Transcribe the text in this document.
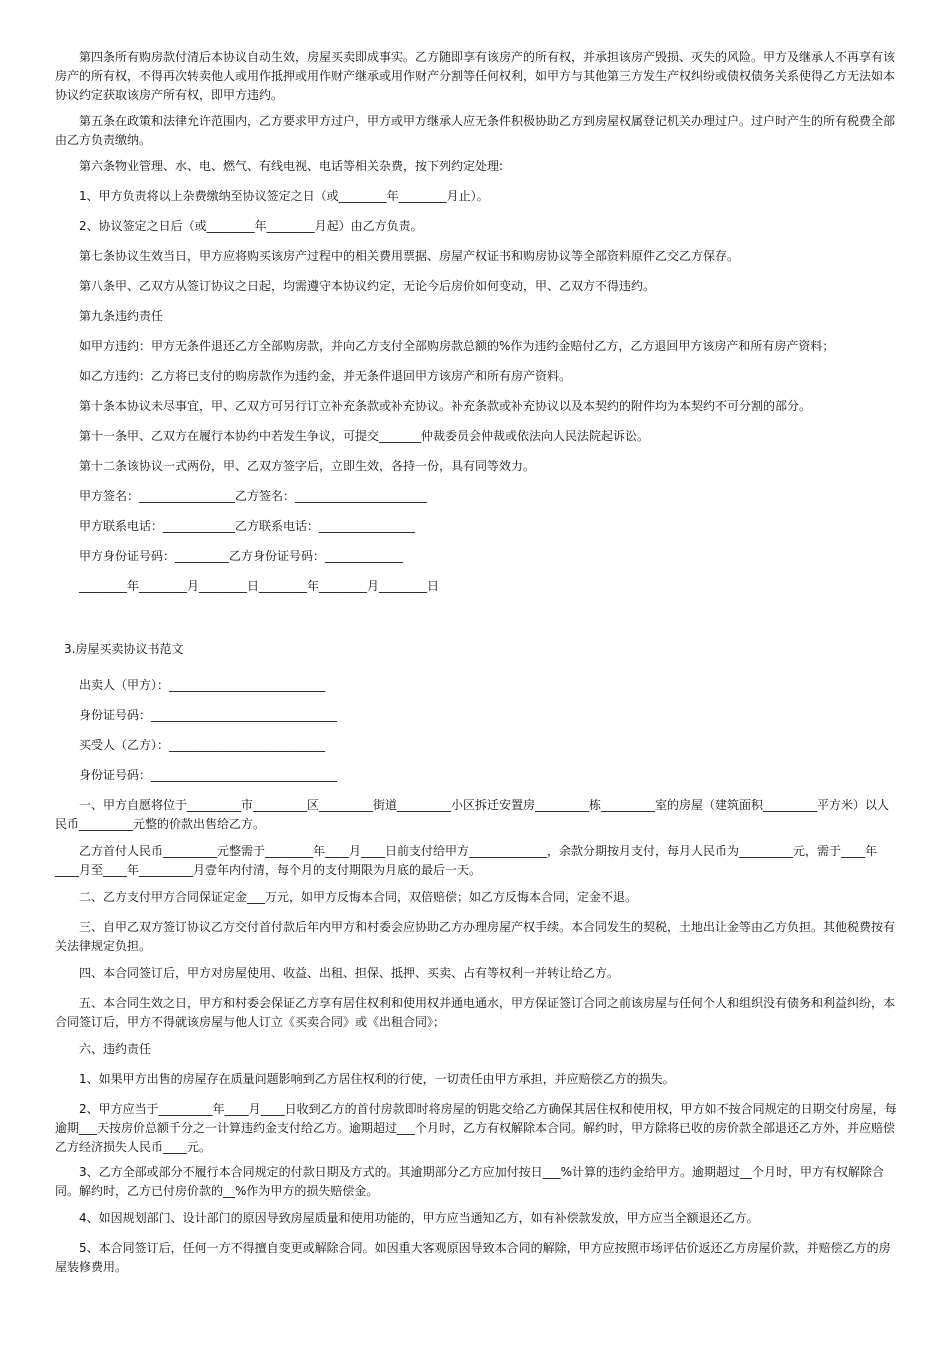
第四条所有购房款付清后本协议自动生效，房屋买卖即成事实。乙方随即享有该房产的所有权，并承担该房产毁损、灭失的风险。甲方及继承人不再享有该房产的所有权，不得再次转卖他人或用作抵押或用作财产继承或用作财产分割等任何权利，如甲方与其他第三方发生产权纠纷或债权债务关系使得乙方无法如本协议约定获取该房产所有权，即甲方违约。

第五条在政策和法律允许范围内，乙方要求甲方过户，甲方或甲方继承人应无条件积极协助乙方到房屋权属登记机关办理过户。过户时产生的所有税费全部由乙方负责缴纳。

第六条物业管理、水、电、燃气、有线电视、电话等相关杂费，按下列约定处理:

1、甲方负责将以上杂费缴纳至协议签定之日（或________年________月止）。

2、协议签定之日后（或________年________月起）由乙方负责。

第七条协议生效当日，甲方应将购买该房产过程中的相关费用票据、房屋产权证书和购房协议等全部资料原件乙交乙方保存。

第八条甲、乙双方从签订协议之日起，均需遵守本协议约定，无论今后房价如何变动，甲、乙双方不得违约。

第九条违约责任

如甲方违约：甲方无条件退还乙方全部购房款，并向乙方支付全部购房款总额的%作为违约金赔付乙方，乙方退回甲方该房产和所有房产资料；

如乙方违约：乙方将已支付的购房款作为违约金，并无条件退回甲方该房产和所有房产资料。

第十条本协议未尽事宜，甲、乙双方可另行订立补充条款或补充协议。补充条款或补充协议以及本契约的附件均为本契约不可分割的部分。

第十一条甲、乙双方在履行本协约中若发生争议，可提交_______仲裁委员会仲裁或依法向人民法院起诉讼。

第十二条该协议一式两份，甲、乙双方签字后，立即生效，各持一份，具有同等效力。

甲方签名：________________乙方签名：______________________

甲方联系电话：____________乙方联系电话：________________

甲方身份证号码：_________乙方身份证号码：_____________

________年________月________日________年________月________日

3.房屋买卖协议书范文

出卖人（甲方）：__________________________

身份证号码：_______________________________

买受人（乙方）：__________________________

身份证号码：_______________________________

一、甲方自愿将位于_________市_________区_________街道_________小区拆迁安置房_________栋_________室的房屋（建筑面积_________平方米）以人民币_________元整的价款出售给乙方。

乙方首付人民币_________元整需于________年____月____日前支付给甲方_____________，余款分期按月支付，每月人民币为_________元，需于____年____月至____年_________月壹年内付清，每个月的支付期限为月底的最后一天。

二、乙方支付甲方合同保证定金___万元，如甲方反悔本合同，双倍赔偿；如乙方反悔本合同，定金不退。

三、自甲乙双方签订协议乙方交付首付款后年内甲方和村委会应协助乙方办理房屋产权手续。本合同发生的契税，土地出让金等由乙方负担。其他税费按有关法律规定负担。

四、本合同签订后，甲方对房屋使用、收益、出租、担保、抵押、买卖、占有等权利一并转让给乙方。

五、本合同生效之日，甲方和村委会保证乙方享有居住权利和使用权并通电通水，甲方保证签订合同之前该房屋与任何个人和组织没有债务和利益纠纷，本合同签订后，甲方不得就该房屋与他人订立《买卖合同》或《出租合同》；

六、违约责任

1、如果甲方出售的房屋存在质量问题影响到乙方居住权利的行使，一切责任由甲方承担，并应赔偿乙方的损失。

2、甲方应当于_________年____月____日收到乙方的首付房款即时将房屋的钥匙交给乙方确保其居住权和使用权，甲方如不按合同规定的日期交付房屋，每逾期___天按房价总额千分之一计算违约金支付给乙方。逾期超过___个月时，乙方有权解除本合同。解约时，甲方除将已收的房价款全部退还乙方外，并应赔偿乙方经济损失人民币____元。

3、乙方全部或部分不履行本合同规定的付款日期及方式的。其逾期部分乙方应加付按日___%计算的违约金给甲方。逾期超过__个月时，甲方有权解除合同。解约时，乙方已付房价款的__%作为甲方的损失赔偿金。

4、如因规划部门、设计部门的原因导致房屋质量和使用功能的，甲方应当通知乙方，如有补偿款发放，甲方应当全额退还乙方。

5、本合同签订后，任何一方不得擅自变更或解除合同。如因重大客观原因导致本合同的解除，甲方应按照市场评估价返还乙方房屋价款，并赔偿乙方的房屋装修费用。
